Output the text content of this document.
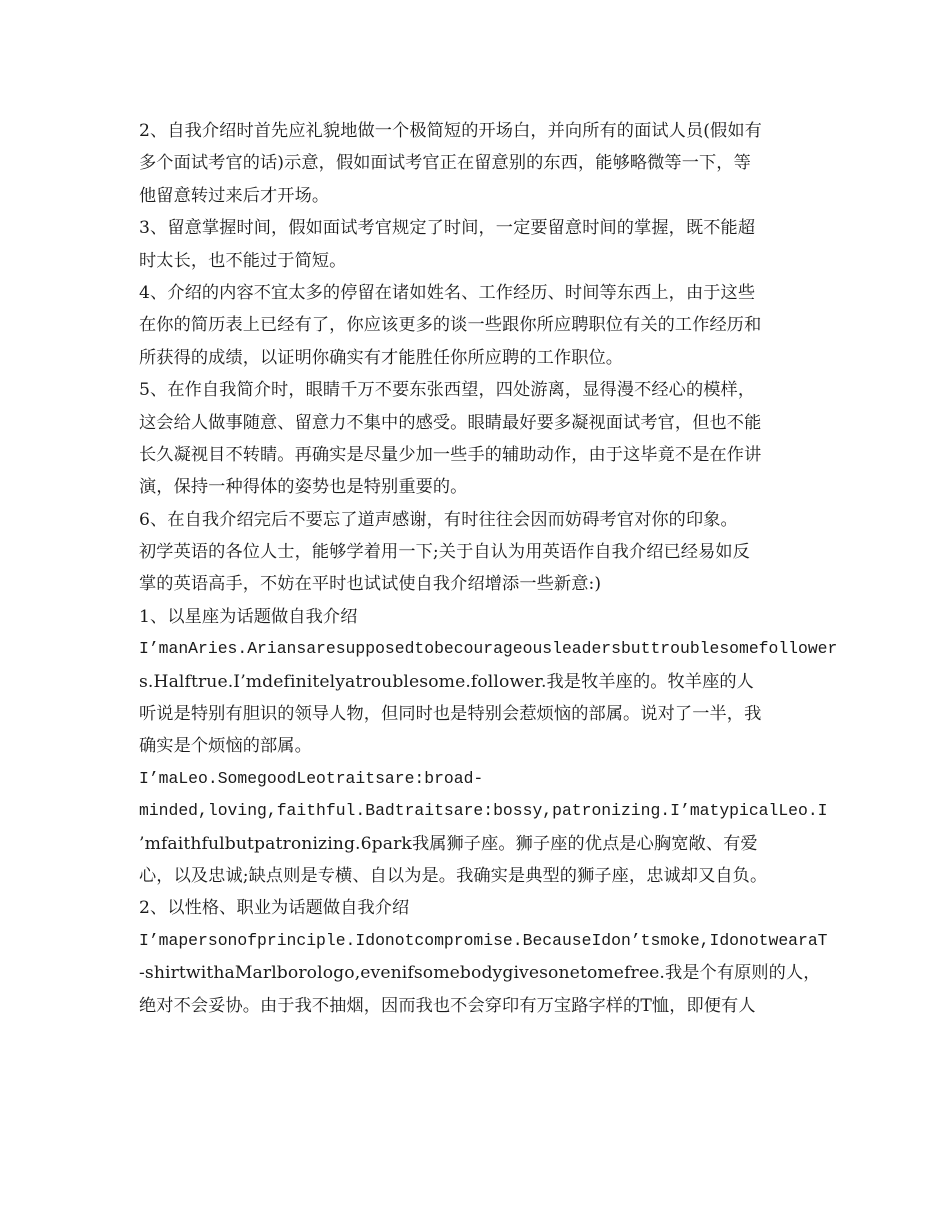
2、自我介绍时首先应礼貌地做一个极简短的开场白，并向所有的面试人员(假如有
多个面试考官的话)示意，假如面试考官正在留意别的东西，能够略微等一下，等
他留意转过来后才开场。
3、留意掌握时间，假如面试考官规定了时间，一定要留意时间的掌握，既不能超
时太长，也不能过于简短。
4、介绍的内容不宜太多的停留在诸如姓名、工作经历、时间等东西上，由于这些
在你的简历表上已经有了，你应该更多的谈一些跟你所应聘职位有关的工作经历和
所获得的成绩，以证明你确实有才能胜任你所应聘的工作职位。
5、在作自我简介时，眼睛千万不要东张西望，四处游离，显得漫不经心的模样，
这会给人做事随意、留意力不集中的感受。眼睛最好要多凝视面试考官，但也不能
长久凝视目不转睛。再确实是尽量少加一些手的辅助动作，由于这毕竟不是在作讲
演，保持一种得体的姿势也是特别重要的。
6、在自我介绍完后不要忘了道声感谢，有时往往会因而妨碍考官对你的印象。
初学英语的各位人士，能够学着用一下;关于自认为用英语作自我介绍已经易如反
掌的英语高手，不妨在平时也试试使自我介绍增添一些新意:)
1、以星座为话题做自我介绍
I’manAries.Ariansaresupposedtobecourageousleadersbuttroublesomefollower
s.Halftrue.I’mdefinitelyatroublesome.follower.我是牧羊座的。牧羊座的人
听说是特别有胆识的领导人物，但同时也是特别会惹烦恼的部属。说对了一半，我
确实是个烦恼的部属。
I’maLeo.SomegoodLeotraitsare:broad-
minded,loving,faithful.Badtraitsare:bossy,patronizing.I’matypicalLeo.I
’mfaithfulbutpatronizing.6park我属狮子座。狮子座的优点是心胸宽敞、有爱
心，以及忠诚;缺点则是专横、自以为是。我确实是典型的狮子座，忠诚却又自负。
2、以性格、职业为话题做自我介绍
I’mapersonofprinciple.Idonotcompromise.BecauseIdon’tsmoke,IdonotwearaT
-shirtwithaMarlborologo,evenifsomebodygivesonetomefree.我是个有原则的人，
绝对不会妥协。由于我不抽烟，因而我也不会穿印有万宝路字样的T恤，即便有人
